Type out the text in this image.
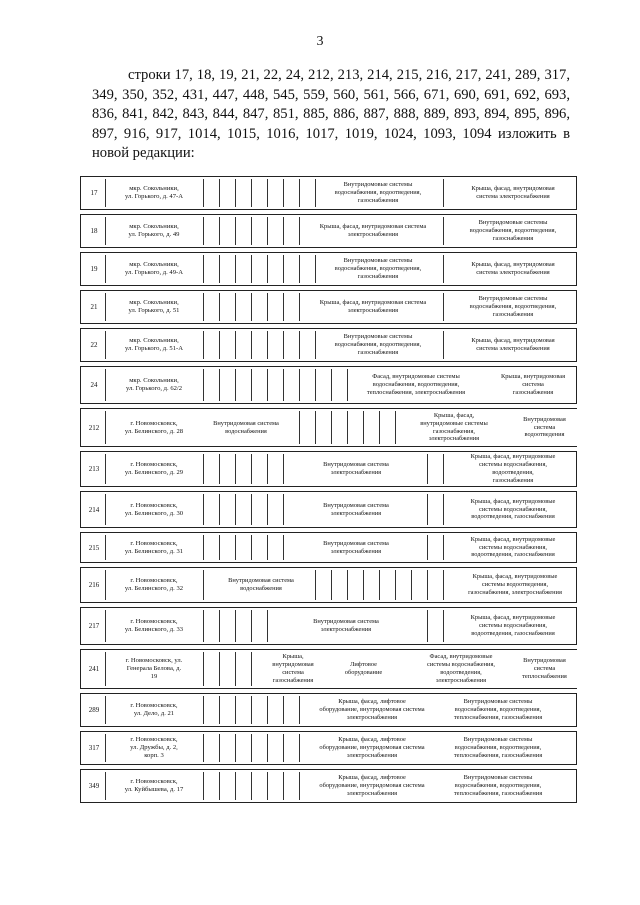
3
строки 17, 18, 19, 21, 22, 24, 212, 213, 214, 215, 216, 217, 241, 289, 317, 349, 350, 352, 431, 447, 448, 545, 559, 560, 561, 566, 671, 690, 691, 692, 693, 836, 841, 842, 843, 844, 847, 851, 885, 886, 887, 888, 889, 893, 894, 895, 896, 897, 916, 917, 1014, 1015, 1016, 1017, 1019, 1024, 1093, 1094 изложить в новой редакции:
17
мкр. Сокольники,
ул. Горького, д. 47-А
Внутридомовые системы
водоснабжения, водоотведения,
газоснабжения
Крыша, фасад, внутридомовая
система электроснабжения
18
мкр. Сокольники,
ул. Горького, д. 49
Крыша, фасад, внутридомовая система
электроснабжения
Внутридомовые системы
водоснабжения, водоотведения,
газоснабжения
19
мкр. Сокольники,
ул. Горького, д. 49-А
Внутридомовые системы
водоснабжения, водоотведения,
газоснабжения
Крыша, фасад, внутридомовая
система электроснабжения
21
мкр. Сокольники,
ул. Горького, д. 51
Крыша, фасад, внутридомовая система
электроснабжения
Внутридомовые системы
водоснабжения, водоотведения,
газоснабжения
22
мкр. Сокольники,
ул. Горького, д. 51-А
Внутридомовые системы
водоснабжения, водоотведения,
газоснабжения
Крыша, фасад, внутридомовая
система электроснабжения
24
мкр. Сокольники,
ул. Горького, д. 62/2
Фасад, внутридомовые системы
водоснабжения, водоотведения,
теплоснабжения, электроснабжения
Крыша, внутридомовая система
газоснабжения
212
г. Новомосковск,
ул. Белинского, д. 28
Внутридомовая система
водоснабжения
Крыша, фасад,
внутридомовые системы
газоснабжения,
электроснабжения
Внутридомовая
система
водоотведения
213
г. Новомосковск,
ул. Белинского, д. 29
Внутридомовая система
электроснабжения
Крыша, фасад, внутридомовые
системы водоснабжения,
водоотведения,
газоснабжения
214
г. Новомосковск,
ул. Белинского, д. 30
Внутридомовая система
электроснабжения
Крыша, фасад, внутридомовые
системы водоснабжения,
водоотведения, газоснабжения
215
г. Новомосковск,
ул. Белинского, д. 31
Внутридомовая система
электроснабжения
Крыша, фасад, внутридомовые
системы водоснабжения,
водоотведения, газоснабжения
216
г. Новомосковск,
ул. Белинского, д. 32
Внутридомовая система
водоснабжения
Крыша, фасад, внутридомовые
системы водоотведения,
газоснабжения, электроснабжения
217
г. Новомосковск,
ул. Белинского, д. 33
Внутридомовая система
электроснабжения
Крыша, фасад, внутридомовые
системы водоснабжения,
водоотведения, газоснабжения
241
г. Новомосковск, ул.
Генерала Белова, д.
19
Крыша,
внутридомовая
система
газоснабжения
Лифтовое
оборудование
Фасад, внутридомовые
системы водоснабжения,
водоотведения,
электроснабжения
Внутридомовая
система
теплоснабжения
289
г. Новомосковск,
ул. Дело, д. 21
Крыша, фасад, лифтовое
оборудование, внутридомовая система
электроснабжения
Внутридомовые системы
водоснабжения, водоотведения,
теплоснабжения, газоснабжения
317
г. Новомосковск,
ул. Дружбы, д. 2,
корп. 3
Крыша, фасад, лифтовое
оборудование, внутридомовая система
электроснабжения
Внутридомовые системы
водоснабжения, водоотведения,
теплоснабжения, газоснабжения
349
г. Новомосковск,
ул. Куйбышева, д. 17
Крыша, фасад, лифтовое
оборудование, внутридомовая система
электроснабжения
Внутридомовые системы
водоснабжения, водоотведения,
теплоснабжения, газоснабжения
